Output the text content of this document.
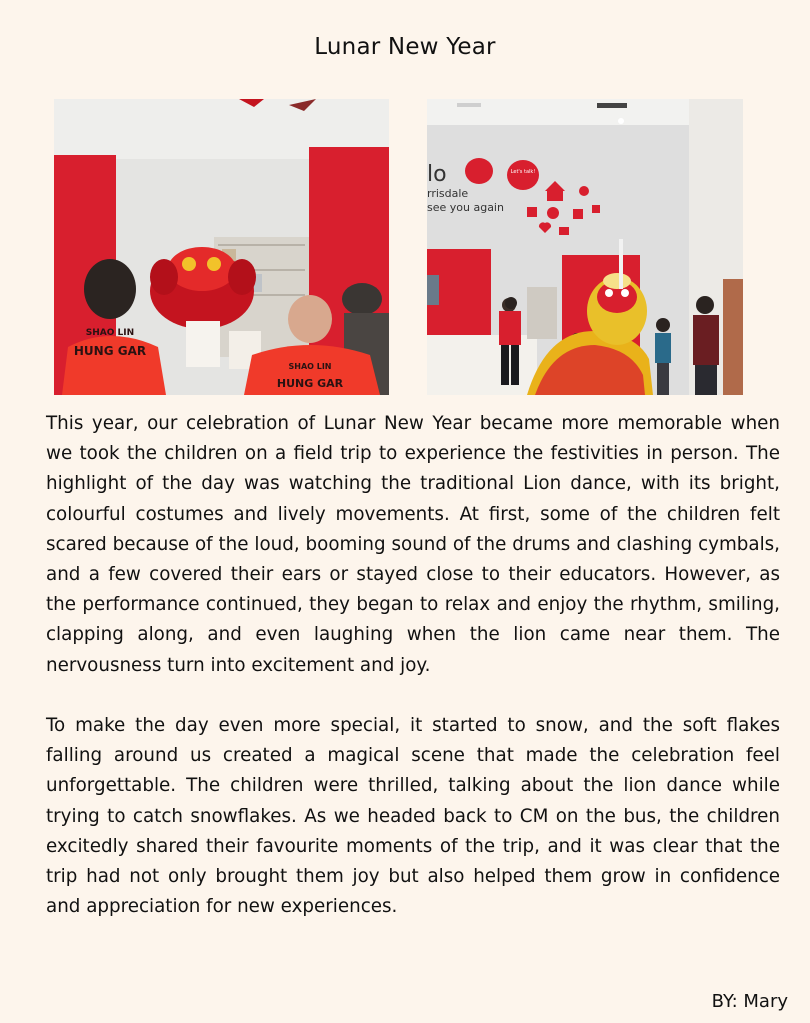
Lunar New Year
SHAO LIN
HUNG GAR
SHAO LIN
HUNG GAR
lo
rrisdale
see you again
Let's talk!

This year, our celebration of Lunar New Year became more memorable when we took the children on a field trip to experience the festivities in person. The highlight of the day was watching the traditional Lion dance, with its bright, colourful costumes and lively movements. At first, some of the children felt scared because of the loud, booming sound of the drums and clashing cymbals, and a few covered their ears or stayed close to their educators. However, as the performance continued, they began to relax and enjoy the rhythm, smiling, clapping along, and even laughing when the lion came near them. The nervousness turn into excitement and joy.

To make the day even more special, it started to snow, and the soft flakes falling around us created a magical scene that made the celebration feel unforgettable. The children were thrilled, talking about the lion dance while trying to catch snowflakes. As we headed back to CM on the bus, the children excitedly shared their favourite moments of the trip, and it was clear that the trip had not only brought them joy but also helped them grow in confidence and appreciation for new experiences.

BY: Mary
